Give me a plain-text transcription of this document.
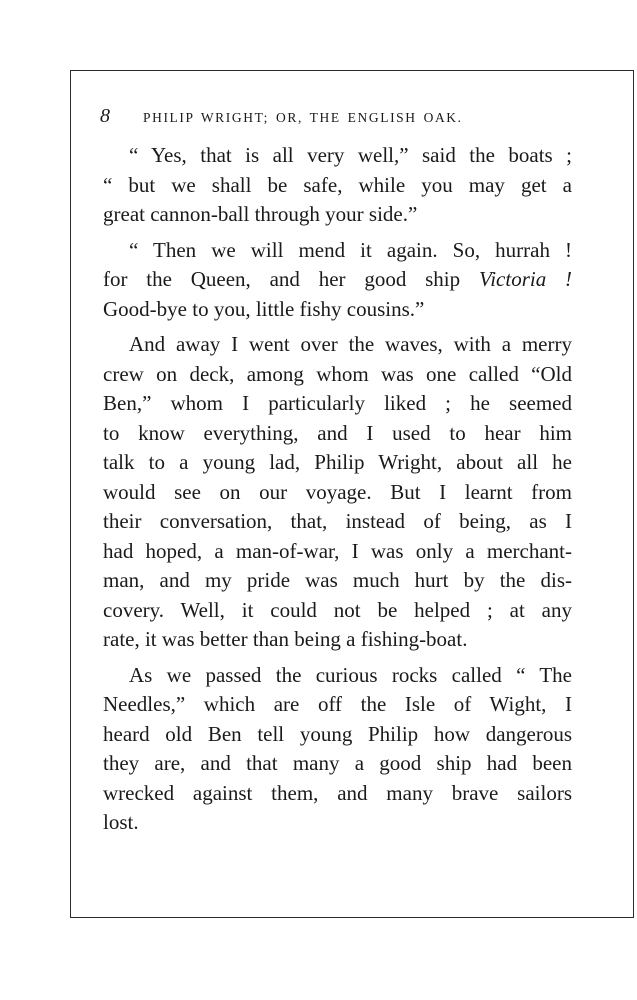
8 PHILIP WRIGHT; OR, THE ENGLISH OAK.
“ Yes, that is all very well,” said the boats ;
“ but we shall be safe, while you may get a
great cannon-ball through your side.”
“ Then we will mend it again. So, hurrah !
for the Queen, and her good ship Victoria !
Good-bye to you, little fishy cousins.”
And away I went over the waves, with a merry
crew on deck, among whom was one called “Old
Ben,” whom I particularly liked ; he seemed
to know everything, and I used to hear him
talk to a young lad, Philip Wright, about all he
would see on our voyage. But I learnt from
their conversation, that, instead of being, as I
had hoped, a man-of-war, I was only a merchant-
man, and my pride was much hurt by the dis-
covery. Well, it could not be helped ; at any
rate, it was better than being a fishing-boat.
As we passed the curious rocks called “ The
Needles,” which are off the Isle of Wight, I
heard old Ben tell young Philip how dangerous
they are, and that many a good ship had been
wrecked against them, and many brave sailors
lost.
